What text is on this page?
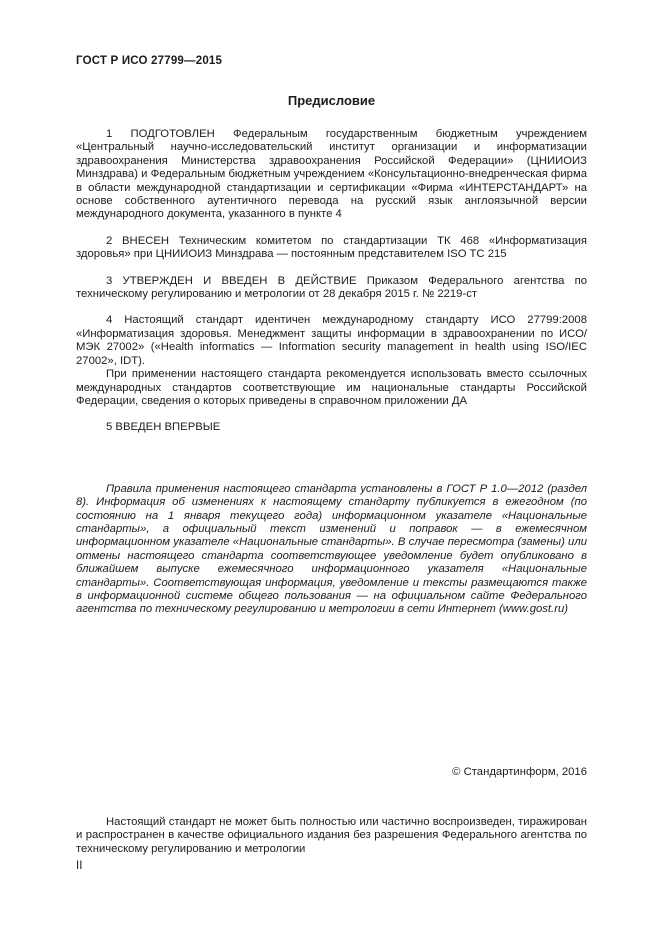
ГОСТ Р ИСО 27799—2015
Предисловие

1 ПОДГОТОВЛЕН Федеральным государственным бюджетным учреждением «Центральный научно-исследовательский институт организации и информатизации здравоохранения Министерства здравоохранения Российской Федерации» (ЦНИИОИЗ Минздрава) и Федеральным бюджетным учреждением «Консультационно-внедренческая фирма в области международной стандартизации и сертификации «Фирма «ИНТЕРСТАНДАРТ» на основе собственного аутентичного перевода на русский язык англоязычной версии международного документа, указанного в пункте 4

2 ВНЕСЕН Техническим комитетом по стандартизации ТК 468 «Информатизация здоровья» при ЦНИИОИЗ Минздрава — постоянным представителем ISO TC 215

3 УТВЕРЖДЕН И ВВЕДЕН В ДЕЙСТВИЕ Приказом Федерального агентства по техническому регулированию и метрологии от 28 декабря 2015 г. № 2219-ст

4 Настоящий стандарт идентичен международному стандарту ИСО 27799:2008 «Информатизация здоровья. Менеджмент защиты информации в здравоохранении по ИСО/МЭК 27002» («Health informatics — Information security management in health using ISO/IEC 27002», IDT).

При применении настоящего стандарта рекомендуется использовать вместо ссылочных международных стандартов соответствующие им национальные стандарты Российской Федерации, сведения о которых приведены в справочном приложении ДА

5 ВВЕДЕН ВПЕРВЫЕ

Правила применения настоящего стандарта установлены в ГОСТ Р 1.0—2012 (раздел 8). Информация об изменениях к настоящему стандарту публикуется в ежегодном (по состоянию на 1 января текущего года) информационном указателе «Национальные стандарты», а официальный текст изменений и поправок — в ежемесячном информационном указателе «Национальные стандарты». В случае пересмотра (замены) или отмены настоящего стандарта соответствующее уведомление будет опубликовано в ближайшем выпуске ежемесячного информационного указателя «Национальные стандарты». Соответствующая информация, уведомление и тексты размещаются также в информационной системе общего пользования — на официальном сайте Федерального агентства по техническому регулированию и метрологии в сети Интернет (www.gost.ru)

© Стандартинформ, 2016

Настоящий стандарт не может быть полностью или частично воспроизведен, тиражирован и распространен в качестве официального издания без разрешения Федерального агентства по техническому регулированию и метрологии

II
